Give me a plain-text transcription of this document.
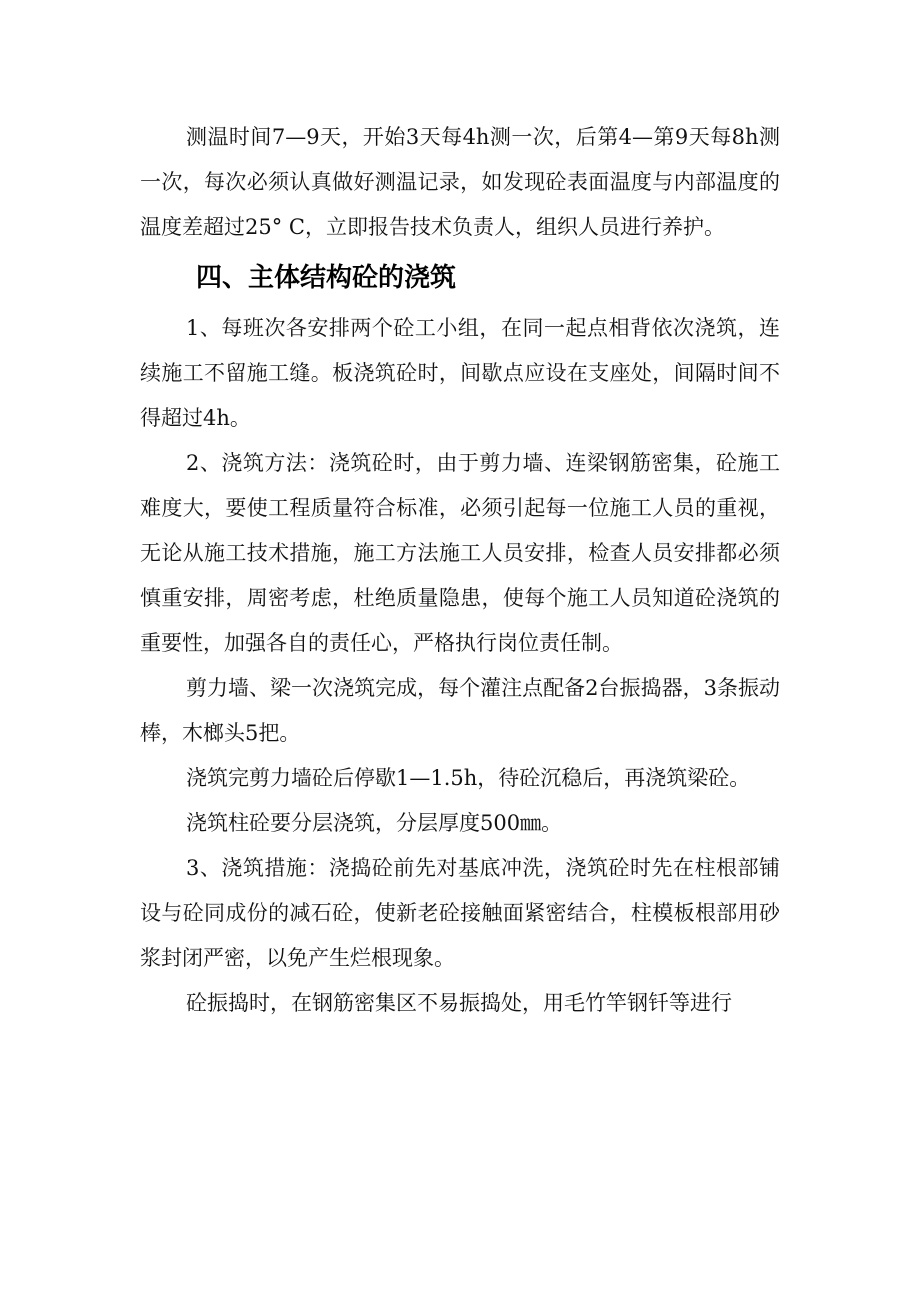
测温时间7—9天，开始3天每4h测一次，后第4—第9天每8h测一次，每次必须认真做好测温记录，如发现砼表面温度与内部温度的温度差超过25° C，立即报告技术负责人，组织人员进行养护。

四、主体结构砼的浇筑

1、每班次各安排两个砼工小组，在同一起点相背依次浇筑，连续施工不留施工缝。板浇筑砼时，间歇点应设在支座处，间隔时间不得超过4h。

2、浇筑方法：浇筑砼时，由于剪力墙、连梁钢筋密集，砼施工难度大，要使工程质量符合标准，必须引起每一位施工人员的重视，无论从施工技术措施，施工方法施工人员安排，检查人员安排都必须慎重安排，周密考虑，杜绝质量隐患，使每个施工人员知道砼浇筑的重要性，加强各自的责任心，严格执行岗位责任制。

剪力墙、梁一次浇筑完成，每个灌注点配备2台振捣器，3条振动棒，木榔头5把。

浇筑完剪力墙砼后停歇1—1.5h，待砼沉稳后，再浇筑梁砼。

浇筑柱砼要分层浇筑，分层厚度500㎜。

3、浇筑措施：浇捣砼前先对基底冲洗，浇筑砼时先在柱根部铺设与砼同成份的减石砼，使新老砼接触面紧密结合，柱模板根部用砂浆封闭严密，以免产生烂根现象。

砼振捣时，在钢筋密集区不易振捣处，用毛竹竿钢钎等进行
